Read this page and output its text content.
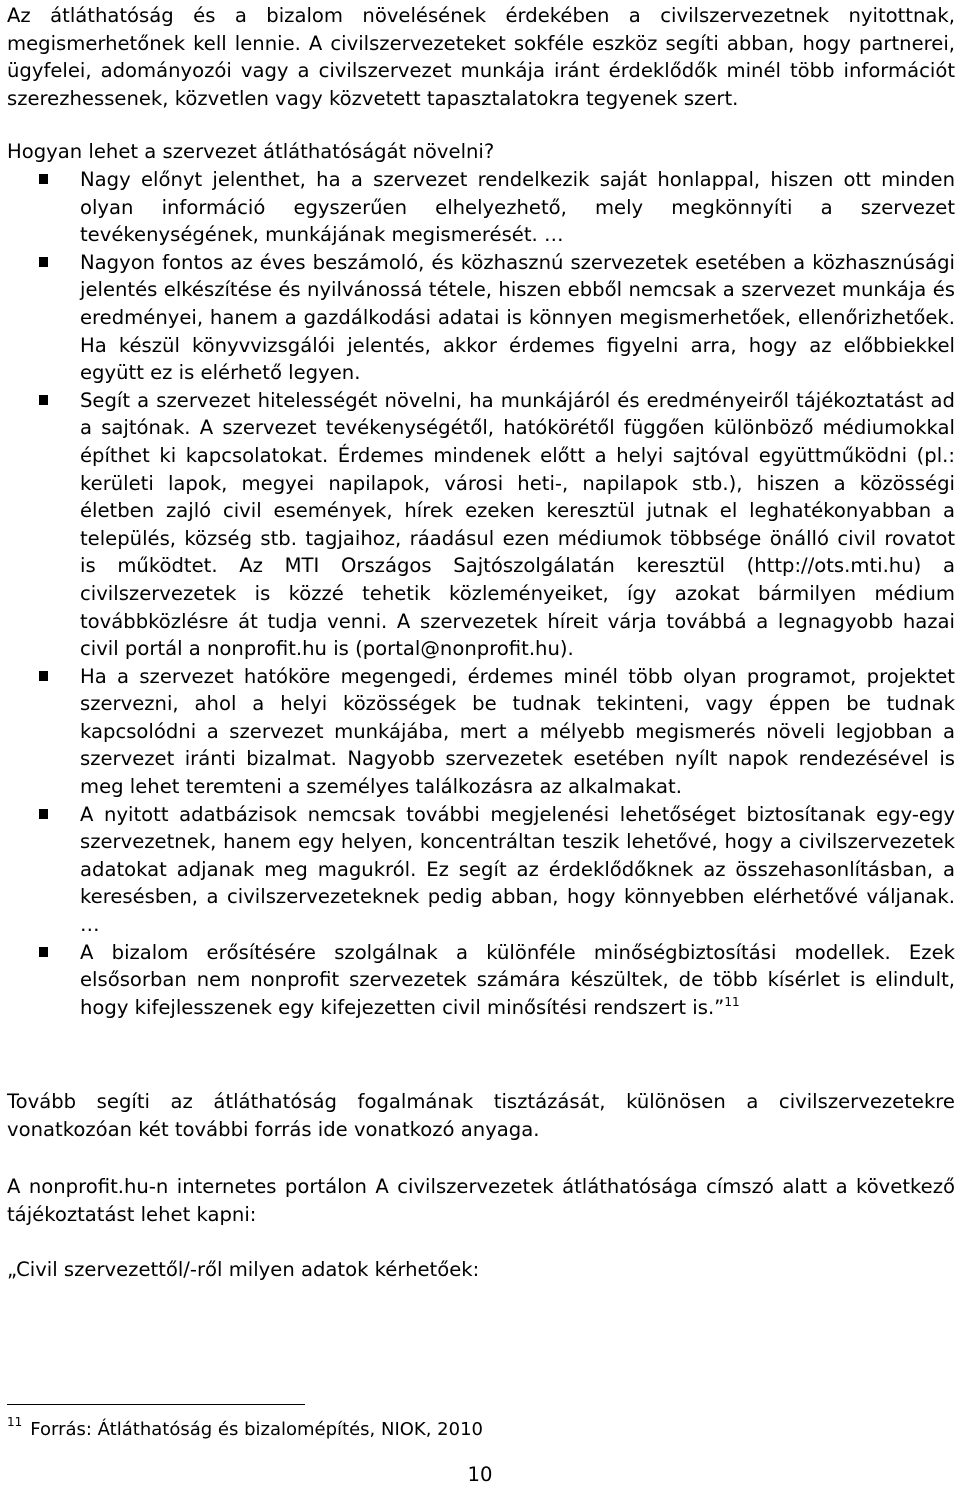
Az átláthatóság és a bizalom növelésének érdekében a civilszervezetnek nyitottnak, megismerhetőnek kell lennie. A civilszervezeteket sokféle eszköz segíti abban, hogy partnerei, ügyfelei, adományozói vagy a civilszervezet munkája iránt érdeklődők minél több információt szerezhessenek, közvetlen vagy közvetett tapasztalatokra tegyenek szert.

Hogyan lehet a szervezet átláthatóságát növelni?

Nagy előnyt jelenthet, ha a szervezet rendelkezik saját honlappal, hiszen ott minden olyan információ egyszerűen elhelyezhető, mely megkönnyíti a szervezet tevékenységének, munkájának megismerését. …
Nagyon fontos az éves beszámoló, és közhasznú szervezetek esetében a közhasznúsági jelentés elkészítése és nyilvánossá tétele, hiszen ebből nemcsak a szervezet munkája és eredményei, hanem a gazdálkodási adatai is könnyen megismerhetőek, ellenőrizhetőek. Ha készül könyvvizsgálói jelentés, akkor érdemes figyelni arra, hogy az előbbiekkel együtt ez is elérhető legyen.
Segít a szervezet hitelességét növelni, ha munkájáról és eredményeiről tájékoztatást ad a sajtónak. A szervezet tevékenységétől, hatókörétől függően különböző médiumokkal építhet ki kapcsolatokat. Érdemes mindenek előtt a helyi sajtóval együttműködni (pl.: kerületi lapok, megyei napilapok, városi heti-, napilapok stb.), hiszen a közösségi életben zajló civil események, hírek ezeken keresztül jutnak el leghatékonyabban a település, község stb. tagjaihoz, ráadásul ezen médiumok többsége önálló civil rovatot is működtet. Az MTI Országos Sajtószolgálatán keresztül (http://ots.mti.hu) a civilszervezetek is közzé tehetik közleményeiket, így azokat bármilyen médium továbbközlésre át tudja venni. A szervezetek híreit várja továbbá a legnagyobb hazai civil portál a nonprofit.hu is (portal@nonprofit.hu).
Ha a szervezet hatóköre megengedi, érdemes minél több olyan programot, projektet szervezni, ahol a helyi közösségek be tudnak tekinteni, vagy éppen be tudnak kapcsolódni a szervezet munkájába, mert a mélyebb megismerés növeli legjobban a szervezet iránti bizalmat. Nagyobb szervezetek esetében nyílt napok rendezésével is meg lehet teremteni a személyes találkozásra az alkalmakat.
A nyitott adatbázisok nemcsak további megjelenési lehetőséget biztosítanak egy-egy szervezetnek, hanem egy helyen, koncentráltan teszik lehetővé, hogy a civilszervezetek adatokat adjanak meg magukról. Ez segít az érdeklődőknek az összehasonlításban, a keresésben, a civilszervezeteknek pedig abban, hogy könnyebben elérhetővé váljanak. …
A bizalom erősítésére szolgálnak a különféle minőségbiztosítási modellek. Ezek elsősorban nem nonprofit szervezetek számára készültek, de több kísérlet is elindult, hogy kifejlesszenek egy kifejezetten civil minősítési rendszert is.”$^{11}$

Tovább segíti az átláthatóság fogalmának tisztázását, különösen a civilszervezetekre vonatkozóan két további forrás ide vonatkozó anyaga.

A nonprofit.hu-n internetes portálon A civilszervezetek átláthatósága címszó alatt a következő tájékoztatást lehet kapni:

„Civil szervezettől/-ről milyen adatok kérhetőek:

$^{11}$ Forrás: Átláthatóság és bizalomépítés, NIOK, 2010

10
